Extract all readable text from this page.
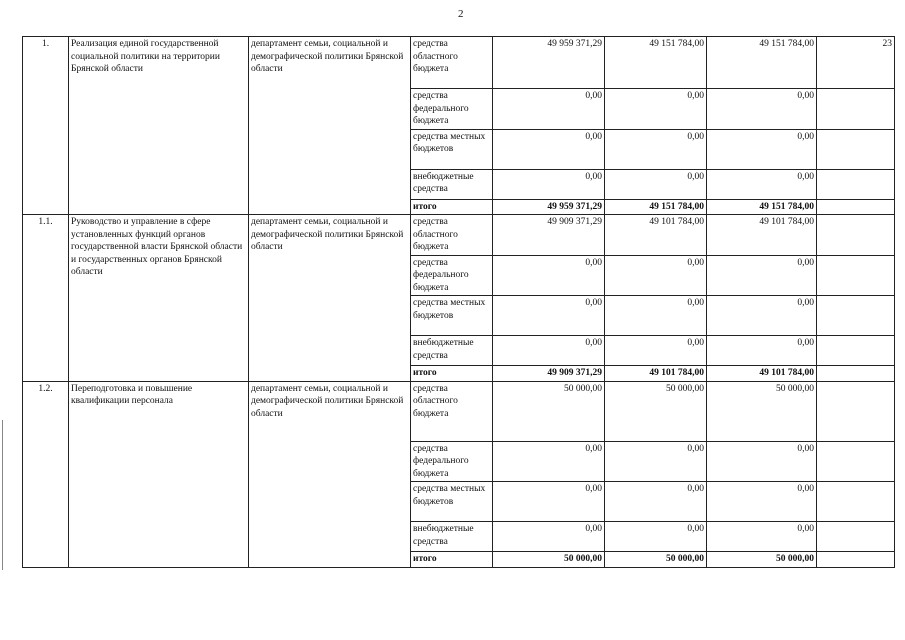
2
1.	Реализация единой государственной социальной политики на территории Брянской области	департамент семьи, социальной и демографической политики Брянской области	средства областного бюджета	49 959 371,29	49 151 784,00	49 151 784,00	23
			средства федерального бюджета	0,00	0,00	0,00	
			средства местных бюджетов	0,00	0,00	0,00	
			внебюджетные средства	0,00	0,00	0,00	
			итого	49 959 371,29	49 151 784,00	49 151 784,00	
1.1.	Руководство и управление в сфере установленных функций органов государственной власти Брянской области и государственных органов Брянской области	департамент семьи, социальной и демографической политики Брянской области	средства областного бюджета	49 909 371,29	49 101 784,00	49 101 784,00	
			средства федерального бюджета	0,00	0,00	0,00	
			средства местных бюджетов	0,00	0,00	0,00	
			внебюджетные средства	0,00	0,00	0,00	
			итого	49 909 371,29	49 101 784,00	49 101 784,00	
1.2.	Переподготовка и повышение квалификации персонала	департамент семьи, социальной и демографической политики Брянской области	средства областного бюджета	50 000,00	50 000,00	50 000,00	
			средства федерального бюджета	0,00	0,00	0,00	
			средства местных бюджетов	0,00	0,00	0,00	
			внебюджетные средства	0,00	0,00	0,00	
			итого	50 000,00	50 000,00	50 000,00	
